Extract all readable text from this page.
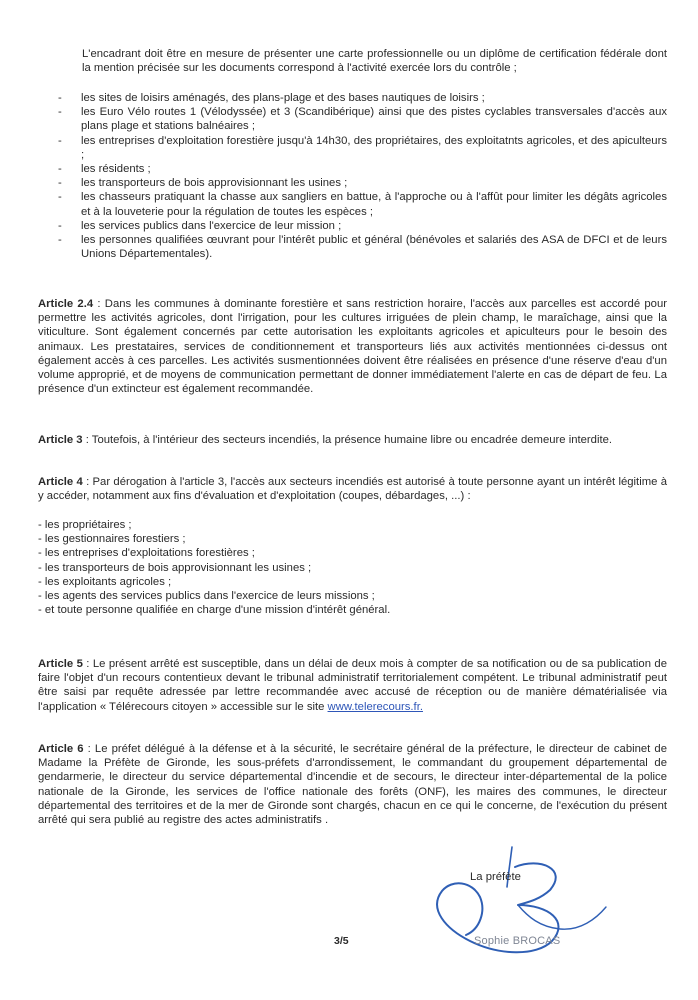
L'encadrant doit être en mesure de présenter une carte professionnelle ou un diplôme de certification fédérale dont la mention précisée sur les documents correspond à l'activité exercée lors du contrôle ;
- les sites de loisirs aménagés, des plans-plage et des bases nautiques de loisirs ;
- les Euro Vélo routes 1 (Vélodyssée) et 3 (Scandibérique) ainsi que des pistes cyclables transversales d'accès aux plans plage et stations balnéaires ;
- les entreprises d'exploitation forestière jusqu'à 14h30, des propriétaires, des exploitatnts agricoles, et des apiculteurs ;
- les résidents ;
- les transporteurs de bois approvisionnant les usines ;
- les chasseurs pratiquant la chasse aux sangliers en battue, à l'approche ou à l'affût pour limiter les dégâts agricoles et à la louveterie pour la régulation de toutes les espèces ;
- les services publics dans l'exercice de leur mission ;
- les personnes qualifiées œuvrant pour l'intérêt public et général (bénévoles et salariés des ASA de DFCI et de leurs Unions Départementales).
Article 2.4 : Dans les communes à dominante forestière et sans restriction horaire, l'accès aux parcelles est accordé pour permettre les activités agricoles, dont l'irrigation, pour les cultures irriguées de plein champ, le maraîchage, ainsi que la viticulture. Sont également concernés par cette autorisation les exploitants agricoles et apiculteurs pour le besoin des animaux. Les prestataires, services de conditionnement et transporteurs liés aux activités mentionnées ci-dessus ont également accès à ces parcelles. Les activités susmentionnées doivent être réalisées en présence d'une réserve d'eau d'un volume approprié, et de moyens de communication permettant de donner immédiatement l'alerte en cas de départ de feu. La présence d'un extincteur est également recommandée.
Article 3 : Toutefois, à l'intérieur des secteurs incendiés, la présence humaine libre ou encadrée demeure interdite.
Article 4 : Par dérogation à l'article 3, l'accès aux secteurs incendiés est autorisé à toute personne ayant un intérêt légitime à y accéder, notamment aux fins d'évaluation et d'exploitation (coupes, débardages, ...) :
- les propriétaires ;
- les gestionnaires forestiers ;
- les entreprises d'exploitations forestières ;
- les transporteurs de bois approvisionnant les usines ;
- les exploitants agricoles ;
- les agents des services publics dans l'exercice de leurs missions ;
- et toute personne qualifiée en charge d'une mission d'intérêt général.
Article 5 : Le présent arrêté est susceptible, dans un délai de deux mois à compter de sa notification ou de sa publication de faire l'objet d'un recours contentieux devant le tribunal administratif territorialement compétent. Le tribunal administratif peut être saisi par requête adressée par lettre recommandée avec accusé de réception ou de manière dématérialisée via l'application « Télérecours citoyen » accessible sur le site www.telerecours.fr.
Article 6 : Le préfet délégué à la défense et à la sécurité, le secrétaire général de la préfecture, le directeur de cabinet de Madame la Préfète de Gironde, les sous-préfets d'arrondissement, le commandant du groupement départemental de gendarmerie, le directeur du service départemental d'incendie et de secours, le directeur inter-départemental de la police nationale de la Gironde, les services de l'office nationale des forêts (ONF), les maires des communes, le directeur départemental des territoires et de la mer de Gironde sont chargés, chacun en ce qui le concerne, de l'exécution du présent arrêté qui sera publié au registre des actes administratifs .
La préfète
Sophie BROCAS
3/5
